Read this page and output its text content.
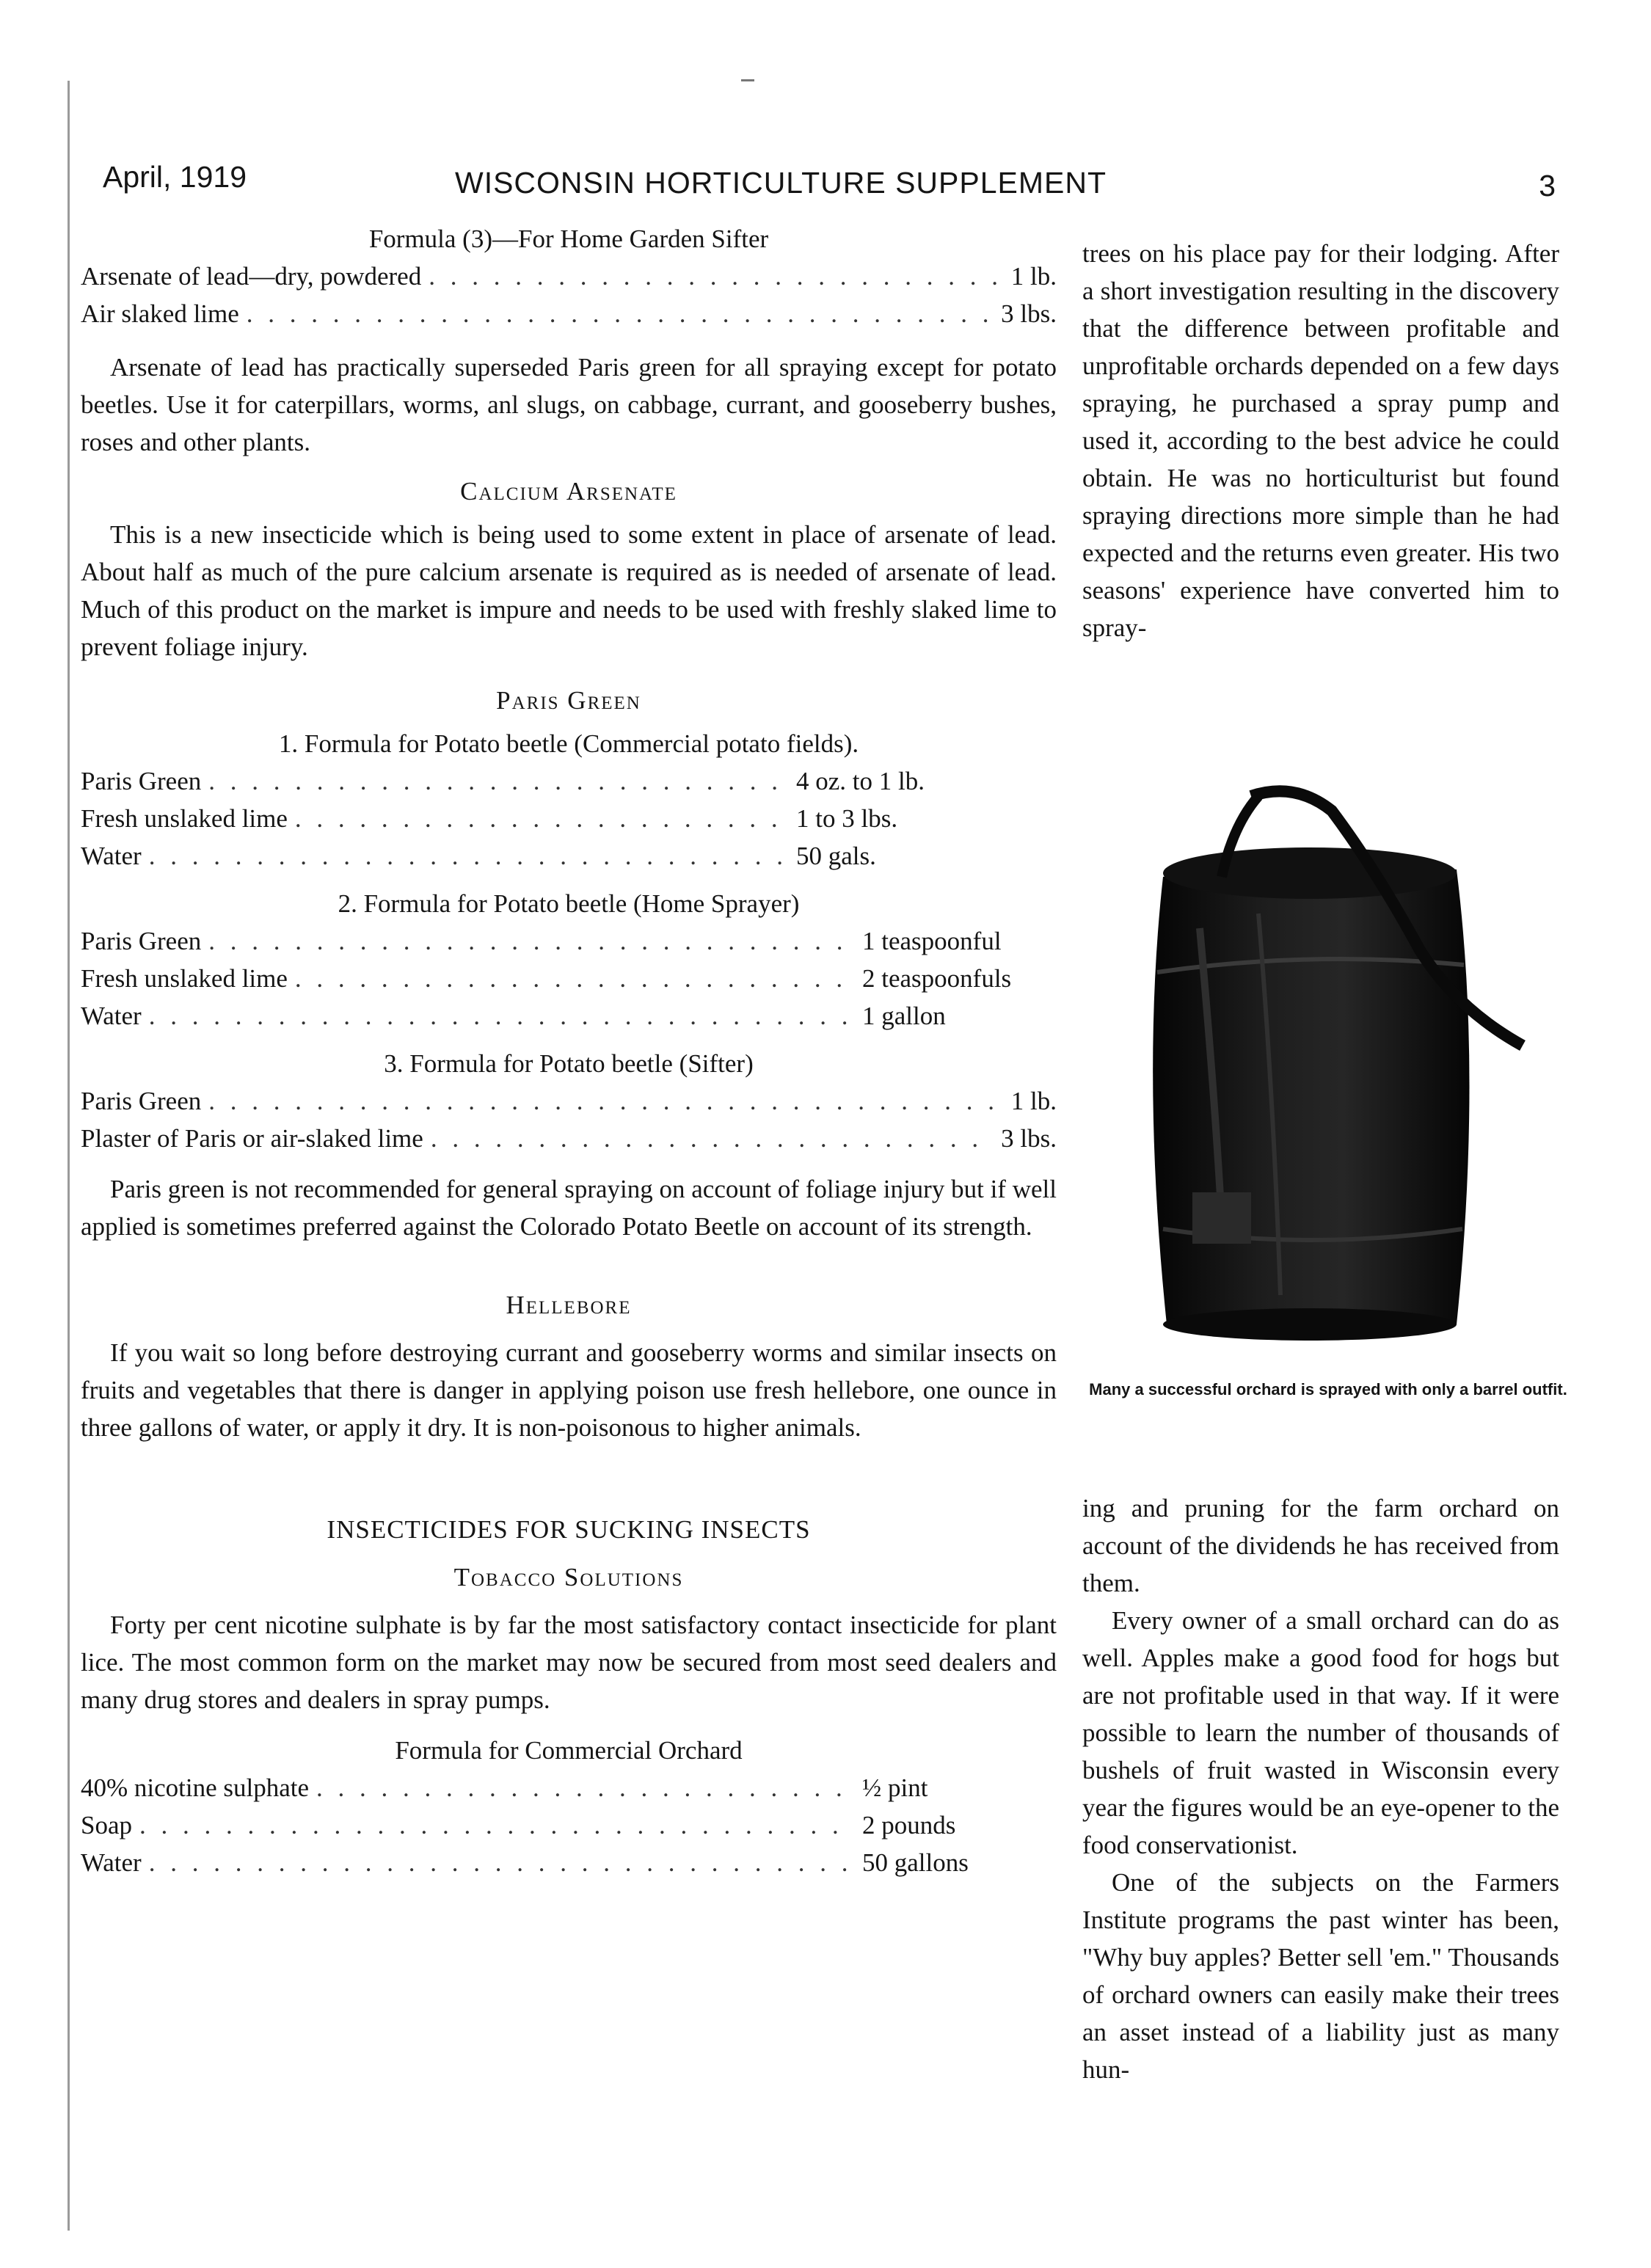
April, 1919	WISCONSIN HORTICULTURE SUPPLEMENT	3
Formula (3)—For Home Garden Sifter
Arsenate of lead—dry, powdered . . .	1 lb.
Air slaked lime . . .	3 lbs.

Arsenate of lead has practically superseded Paris green for all spraying except for potato beetles. Use it for caterpillars, worms, anl slugs, on cabbage, currant, and gooseberry bushes, roses and other plants.

Calcium Arsenate

This is a new insecticide which is being used to some extent in place of arsenate of lead. About half as much of the pure calcium arsenate is required as is needed of arsenate of lead. Much of this product on the market is impure and needs to be used with freshly slaked lime to prevent foliage injury.

Paris Green
1. Formula for Potato beetle (Commercial potato fields).
Paris Green . . .	4 oz. to 1 lb.
Fresh unslaked lime . . .	1 to 3 lbs.
Water . . .	50 gals.
2. Formula for Potato beetle (Home Sprayer)
Paris Green . . .	1 teaspoonful
Fresh unslaked lime . . .	2 teaspoonfuls
Water . . .	1 gallon
3. Formula for Potato beetle (Sifter)
Paris Green . . .	1 lb.
Plaster of Paris or air-slaked lime . . .	3 lbs.

Paris green is not recommended for general spraying on account of foliage injury but if well applied is sometimes preferred against the Colorado Potato Beetle on account of its strength.

Hellebore

If you wait so long before destroying currant and gooseberry worms and similar insects on fruits and vegetables that there is danger in applying poison use fresh hellebore, one ounce in three gallons of water, or apply it dry. It is non-poisonous to higher animals.

INSECTICIDES FOR SUCKING INSECTS
Tobacco Solutions

Forty per cent nicotine sulphate is by far the most satisfactory contact insecticide for plant lice. The most common form on the market may now be secured from most seed dealers and many drug stores and dealers in spray pumps.

Formula for Commercial Orchard
40% nicotine sulphate . . .	½ pint
Soap . . .	2 pounds
Water . . .	50 gallons

trees on his place pay for their lodging. After a short investigation resulting in the discovery that the difference between profitable and unprofitable orchards depended on a few days spraying, he purchased a spray pump and used it, according to the best advice he could obtain. He was no horticulturist but found spraying directions more simple than he had expected and the returns even greater. His two seasons' experience have converted him to spray-

Many a successful orchard is sprayed with only a barrel outfit.

ing and pruning for the farm orchard on account of the dividends he has received from them.

Every owner of a small orchard can do as well. Apples make a good food for hogs but are not profitable used in that way. If it were possible to learn the number of thousands of bushels of fruit wasted in Wisconsin every year the figures would be an eye-opener to the food conservationist.

One of the subjects on the Farmers Institute programs the past winter has been, "Why buy apples? Better sell 'em." Thousands of orchard owners can easily make their trees an asset instead of a liability just as many hun-
